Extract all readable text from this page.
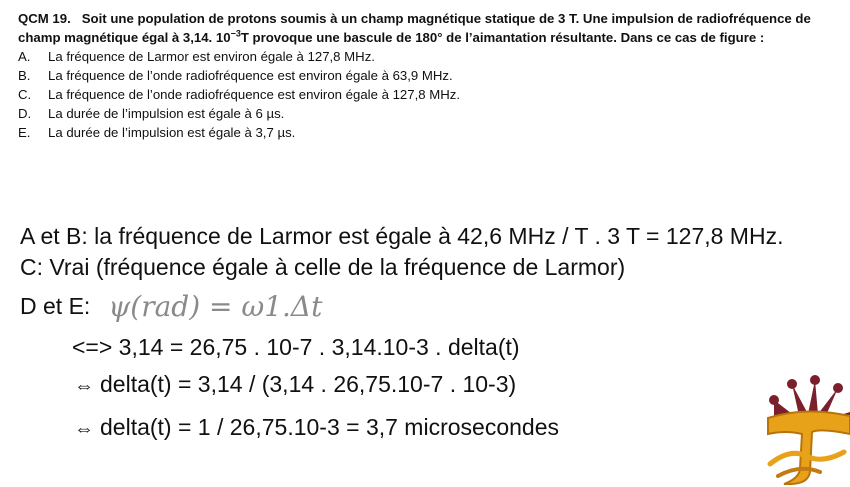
QCM 19. Soit une population de protons soumis à un champ magnétique statique de 3 T. Une impulsion de radiofréquence de champ magnétique égal à 3,14. $10^{-3}T$ provoque une bascule de 180° de l’aimantation résultante. Dans ce cas de figure :
A.	La fréquence de Larmor est environ égale à 127,8 MHz.
B.	La fréquence de l’onde radiofréquence est environ égale à 63,9 MHz.
C.	La fréquence de l’onde radiofréquence est environ égale à 127,8 MHz.
D.	La durée de l’impulsion est égale à 6 µs.
E.	La durée de l’impulsion est égale à 3,7 µs.
A et B: la fréquence de Larmor est égale à 42,6 MHz / T . 3 T = 127,8 MHz.
C: Vrai (fréquence égale à celle de la fréquence de Larmor)
D et E: ψ(rad) = ω1.Δt
<=> 3,14 = 26,75 . 10-7 . 3,14.10-3 . delta(t)
⇔ delta(t) = 3,14 / (3,14 . 26,75.10-7 . 10-3)
⇔ delta(t) = 1 / 26,75.10-3 = 3,7 microsecondes
